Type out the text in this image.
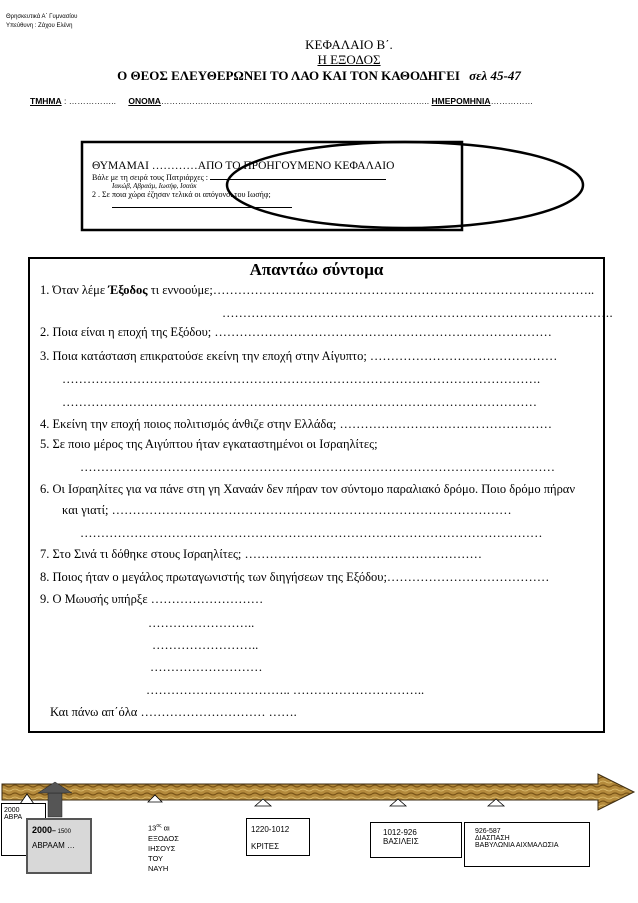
Θρησκευτικά Α΄ Γυμνασίου
Υπεύθυνη : Ζάχου Ελένη
ΚΕΦΑΛΑΙΟ Β΄.
Η ΕΞΟΔΟΣ
Ο ΘΕΟΣ ΕΛΕΥΘΕΡΩΝΕΙ ΤΟ ΛΑΟ ΚΑΙ ΤΟΝ ΚΑΘΟΔΗΓΕΙ σελ 45-47
ΤΜΗΜΑ : …………….. ΟΝΟΜΑ………………………………………………………………………………….. ΗΜΕΡΟΜΗΝΙΑ……………
ΘΥΜΑΜΑΙ …………ΑΠΟ ΤΟ ΠΡΟΗΓΟΥΜΕΝΟ ΚΕΦΑΛΑΙΟ
Βάλε με τη σειρά τους Πατριάρχες :
Ιακώβ, Αβραάμ, Ιωσήφ, Ισαάκ
2 . Σε ποια χώρα έζησαν τελικά οι απόγονοι του Ιωσήφ;
Απαντάω σύντομα
1. Όταν λέμε Έξοδος τι εννοούμε;………………………………………………………………………………..
………………………………………………………………………………….
2. Ποια είναι η εποχή της Εξόδου; ………………………………………………………………………
3. Ποια κατάσταση επικρατούσε εκείνη την εποχή στην Αίγυπτο; ………………………………………
…………………………………………………………………………………………………….
……………………………………………………………………………………………………
4. Εκείνη την εποχή ποιος πολιτισμός άνθιζε στην Ελλάδα; ……………………………………………
5. Σε ποιο μέρος της Αιγύπτου ήταν εγκαταστημένοι οι Ισραηλίτες;
……………………………………………………………………………………………………
6. Οι Ισραηλίτες για να πάνε στη γη Χαναάν δεν πήραν τον σύντομο παραλιακό δρόμο. Ποιο δρόμο πήραν
και γιατί; ……………………………………………………………………………………
…………………………………………………………………………………………………
7. Στο Σινά τι δόθηκε στους Ισραηλίτες; …………………………………………………
8. Ποιος ήταν ο μεγάλος πρωταγωνιστής των διηγήσεων της Εξόδου;…………………………………
9. Ο Μωυσής υπήρξε ………………………
……………………..
……………………..
………………………
…………………………….. …………………………..
Και πάνω απ΄όλα ………………………… …….
2000
ΑΒΡΑ
2000– 1500
ΑΒΡΑΑΜ …
$13^{o\varsigma}$ αι
ΕΞΟΔΟΣ
ΙΗΣΟΥΣ
ΤΟΥ
ΝΑΥΗ
1220-1012
ΚΡΙΤΕΣ
1012-926
ΒΑΣΙΛΕΙΣ
926-587
ΔΙΑΣΠΑΣΗ
ΒΑΒΥΛΩΝΙΑ ΑΙΧΜΑΛΩΣΙΑ
